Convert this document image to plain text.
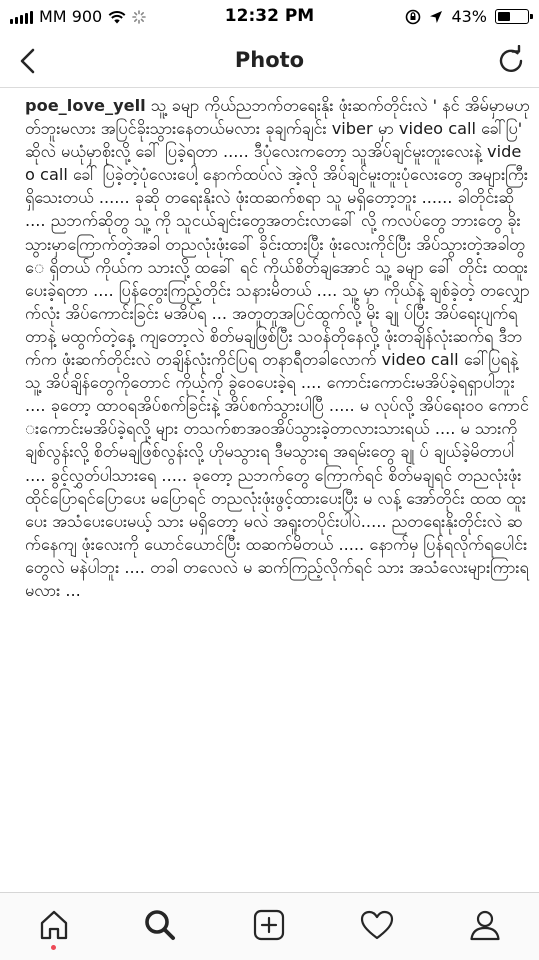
MM 900	12:32 PM	43%
Photo
poe_love_yell သူ့ ခမျာ ကိုယ်ညဘက်တရေးနိုး ဖုံးဆက်တိုင်းလဲ ' နင် အိမ်မှာမဟုတ်ဘူးမလား အပြင်ခိုးသွားနေတယ်မလား ခုချက်ချင်း viber မှာ video call ခေါ်ပြ' ဆိုလဲ မယုံမှာစိုးလို့ ခေါ် ပြခဲ့ရတာ ..... ဒီပုံလေးကတော့ သူအိပ်ချင်မူးတူးလေးနဲ့ video call ခေါ် ပြခဲ့တဲ့ပုံလေးပေါ့ နောက်ထပ်လဲ အဲ့လို အိပ်ချင်မူးတူးပုံလေးတွေ အများကြီးရှိသေးတယ် ...... ခုဆို တရေးနိုးလဲ ဖုံးထဆက်စရာ သူ မရှိတော့ဘူး ...... ခါတိုင်းဆို .... ညဘက်ဆိုတွ သူ့ ကို သူငယ်ချင်းတွေအတင်းလာခေါ် လို့ ကလပ်တွေ ဘားတွေ ခိုးသွားမှာကြောက်တဲ့အခါ တညလုံးဖုံးခေါ် ခိုင်းထားပြီး ဖုံးလေးကိုင်ပြီး အိပ်သွားတဲ့အခါတွေ ရှိတယ် ကိုယ်က သားလို့ ထခေါ် ရင် ကိုယ်စိတ်ချအောင် သူ့ ခမျာ ခေါ် တိုင်း ထထူးပေးခဲ့ရတာ .... ပြန်တွေးကြည့်တိုင်း သနားမိတယ် .... သူ့ မှာ ကိုယ်နဲ့ ချစ်ခဲ့တဲ့ တလျှောက်လုံး အိပ်ကောင်းခြင်း မအိပ်ရ ... အတူတူအပြင်ထွက်လို့ မိုး ချု ပ်ပြီး အိပ်ရေးပျက်ရတာနဲ့ မထွက်တဲ့နေ့ ကျတော့လဲ စိတ်မချဖြစ်ပြီး သဝန်တိုနေလို့ ဖုံးတချိန်လုံးဆက်ရ ဒီဘက်က ဖုံးဆက်တိုင်းလဲ တချိန်လုံးကိုင်ပြရ တနာရီတခါလောက် video call ခေါ်ပြရနဲ့ သူ့ အိပ်ချိန်တွေကိုတောင် ကိုယ့်ကို ခွဲဝေပေးခဲ့ရ .... ကောင်းကောင်းမအိပ်ခဲ့ရရှာပါဘူး .... ခုတော့ ထာဝရအိပ်စက်ခြင်းနဲ့ အိပ်စက်သွားပါပြီ ..... မ လုပ်လို့ အိပ်ရေးဝဝ ကောင်းကောင်းမအိပ်ခဲ့ရလို့ များ တသက်စာအဝအိပ်သွားခဲ့တာလားသားရယ် .... မ သားကို ချစ်လွန်းလို့ စိတ်မချဖြစ်လွန်းလို့ ဟိုမသွားရ ဒီမသွားရ အရမ်းတွေ ချု ပ် ချယ်ခဲ့မိတာပါ .... ခွင့်လွှတ်ပါသားရေ ..... ခုတော့ ညဘက်တွေ ကြောက်ရင် စိတ်မချရင် တညလုံးဖုံးထိုင်ပြောရင်ပြောပေး မပြောရင် တညလုံးဖုံးဖွင့်ထားပေးပြီး မ လန့် အော်တိုင်း ထထ ထူးပေး အသံပေးပေးမယ့် သား မရှိတော့ မလဲ အရူးတပိုင်းပါပဲ..... ညတရေးနိုးတိုင်းလဲ ဆက်နေကျ ဖုံးလေးကို ယောင်ယောင်ပြီး ထဆက်မိတယ် ..... နောက်မှ ပြန်ရလိုက်ရပေါင်းတွေလဲ မနဲပါဘူး .... တခါ တလေလဲ မ ဆက်ကြည့်လိုက်ရင် သား အသံလေးများကြားရမလား ...
